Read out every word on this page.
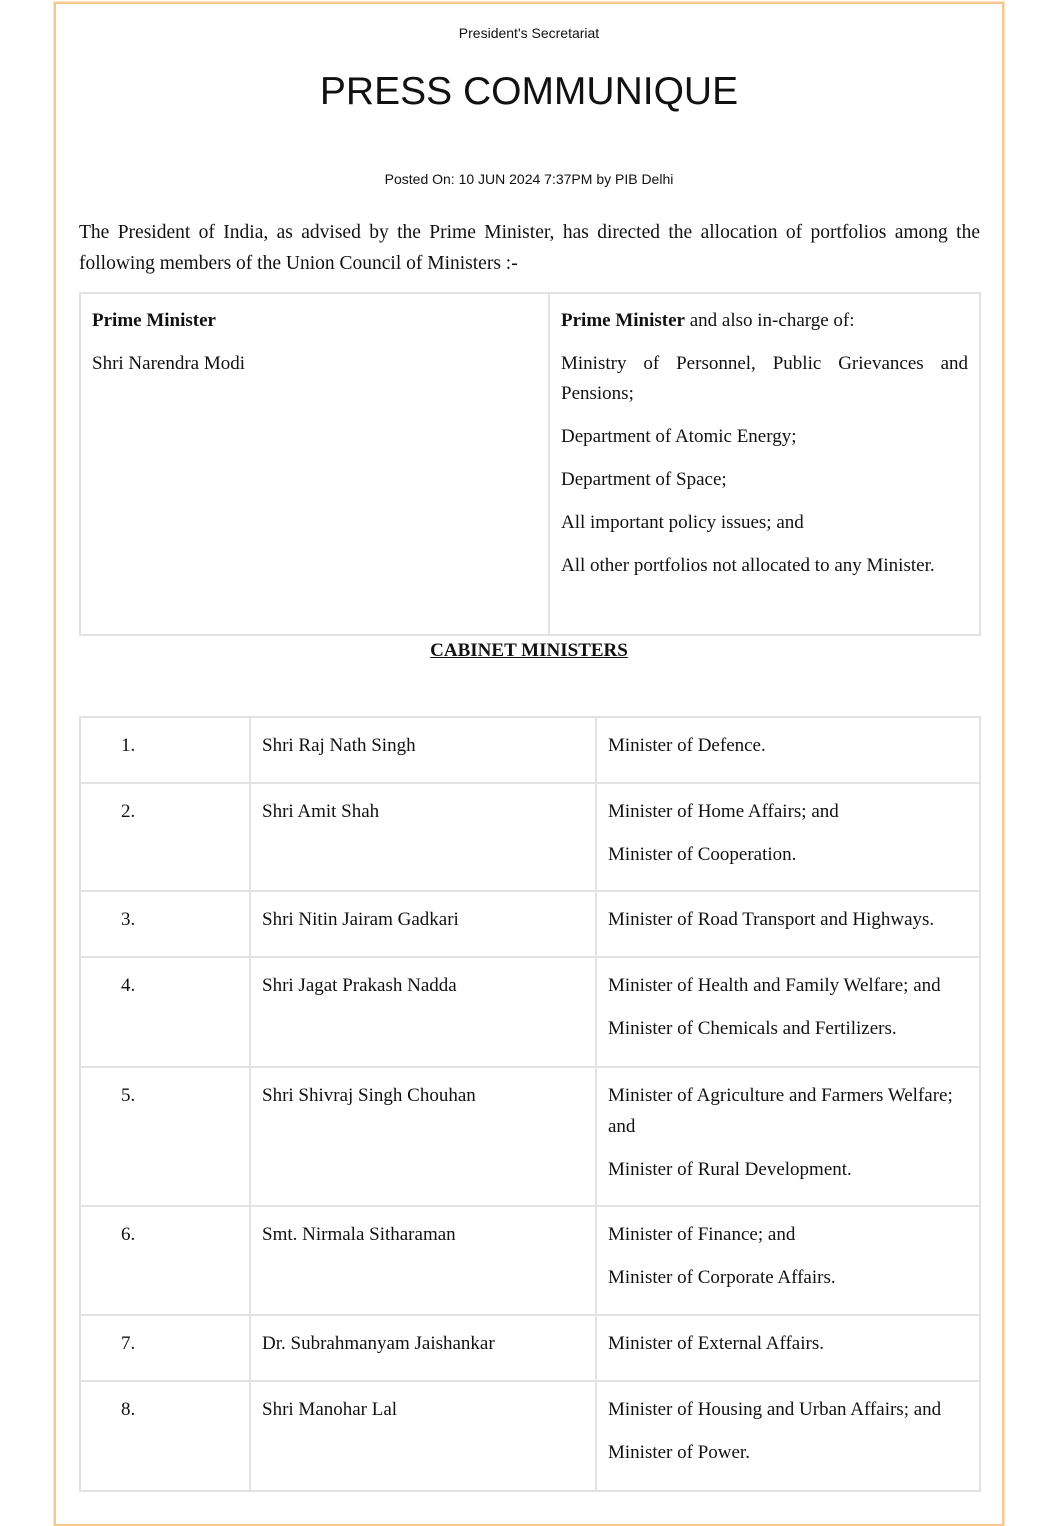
President's Secretariat
PRESS COMMUNIQUE
Posted On: 10 JUN 2024 7:37PM by PIB Delhi
The President of India, as advised by the Prime Minister, has directed the allocation of portfolios among the following members of the Union Council of Ministers :-

Prime Minister

Shri Narendra Modi

Prime Minister and also in-charge of:

Ministry of Personnel, Public Grievances and Pensions;

Department of Atomic Energy;

Department of Space;

All important policy issues; and

All other portfolios not allocated to any Minister.

CABINET MINISTERS
1.	Shri Raj Nath Singh	Minister of Defence.

2.	Shri Amit Shah	Minister of Home Affairs; and

Minister of Cooperation.

3.	Shri Nitin Jairam Gadkari	Minister of Road Transport and Highways.

4.	Shri Jagat Prakash Nadda	Minister of Health and Family Welfare; and

Minister of Chemicals and Fertilizers.

5.	Shri Shivraj Singh Chouhan	Minister of Agriculture and Farmers Welfare; and

Minister of Rural Development.

6.	Smt. Nirmala Sitharaman	Minister of Finance; and

Minister of Corporate Affairs.

7.	Dr. Subrahmanyam Jaishankar	Minister of External Affairs.

8.	Shri Manohar Lal	Minister of Housing and Urban Affairs; and

Minister of Power.
